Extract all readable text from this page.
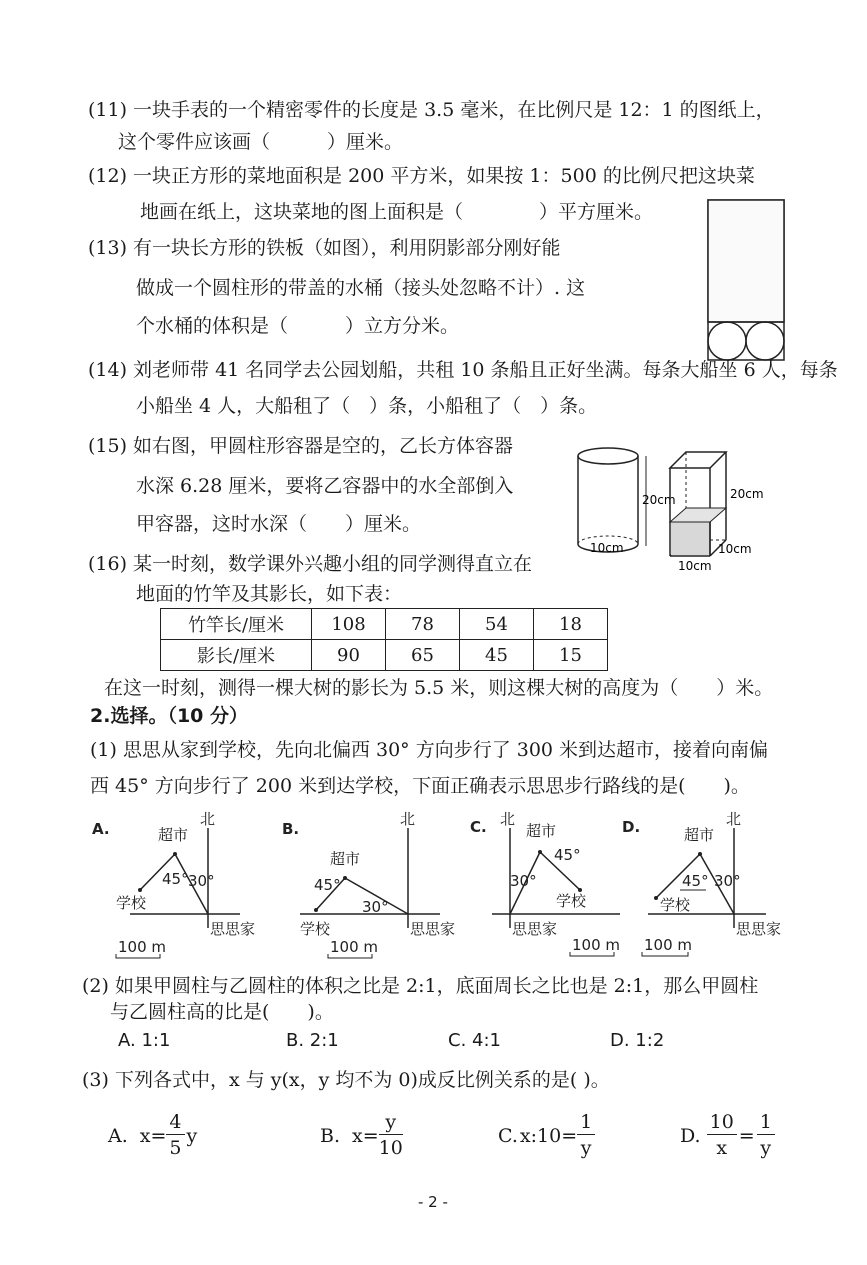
(11) 一块手表的一个精密零件的长度是 3.5 毫米，在比例尺是 12：1 的图纸上，
这个零件应该画（　　　）厘米。
(12) 一块正方形的菜地面积是 200 平方米，如果按 1：500 的比例尺把这块菜
地画在纸上，这块菜地的图上面积是（　　　　）平方厘米。
(13) 有一块长方形的铁板（如图），利用阴影部分刚好能
做成一个圆柱形的带盖的水桶（接头处忽略不计）. 这
个水桶的体积是（　　　）立方分米。
(14) 刘老师带 41 名同学去公园划船，共租 10 条船且正好坐满。每条大船坐 6 人，每条
小船坐 4 人，大船租了（　）条，小船租了（　）条。
(15) 如右图，甲圆柱形容器是空的，乙长方体容器
水深 6.28 厘米，要将乙容器中的水全部倒入
甲容器，这时水深（　　）厘米。
20cm
10cm
20cm
10cm
10cm
(16) 某一时刻，数学课外兴趣小组的同学测得直立在
地面的竹竿及其影长，如下表：
竹竿长/厘米	108	78	54	18
影长/厘米	90	65	45	15
在这一时刻，测得一棵大树的影长为 5.5 米，则这棵大树的高度为（　　）米。
2.选择。（10 分）
(1) 思思从家到学校，先向北偏西 30° 方向步行了 300 米到达超市，接着向南偏
西 45° 方向步行了 200 米到达学校，下面正确表示思思步行路线的是(　　)。
A.
北
超市
45° 30°
学校
思思家
100 m
B.
北
超市
45°
30°
学校	思思家
100 m
C. 北
超市
45°
30°
学校
思思家
100 m
D.	北
超市
45° 30°
学校
思思家
100 m
(2) 如果甲圆柱与乙圆柱的体积之比是 2:1，底面周长之比也是 2:1，那么甲圆柱
与乙圆柱高的比是(　　)。
A. 1:1	B. 2:1	C. 4:1	D. 1:2
(3) 下列各式中，x 与 y(x，y 均不为 0)成反比例关系的是( )。
A. $x= \frac{4}{5}$ y	B. $x= \frac{y}{10}$	C. x:10= $\frac{1}{y}$	D. $\frac{10}{x} = \frac{1}{y}$
- 2 -
